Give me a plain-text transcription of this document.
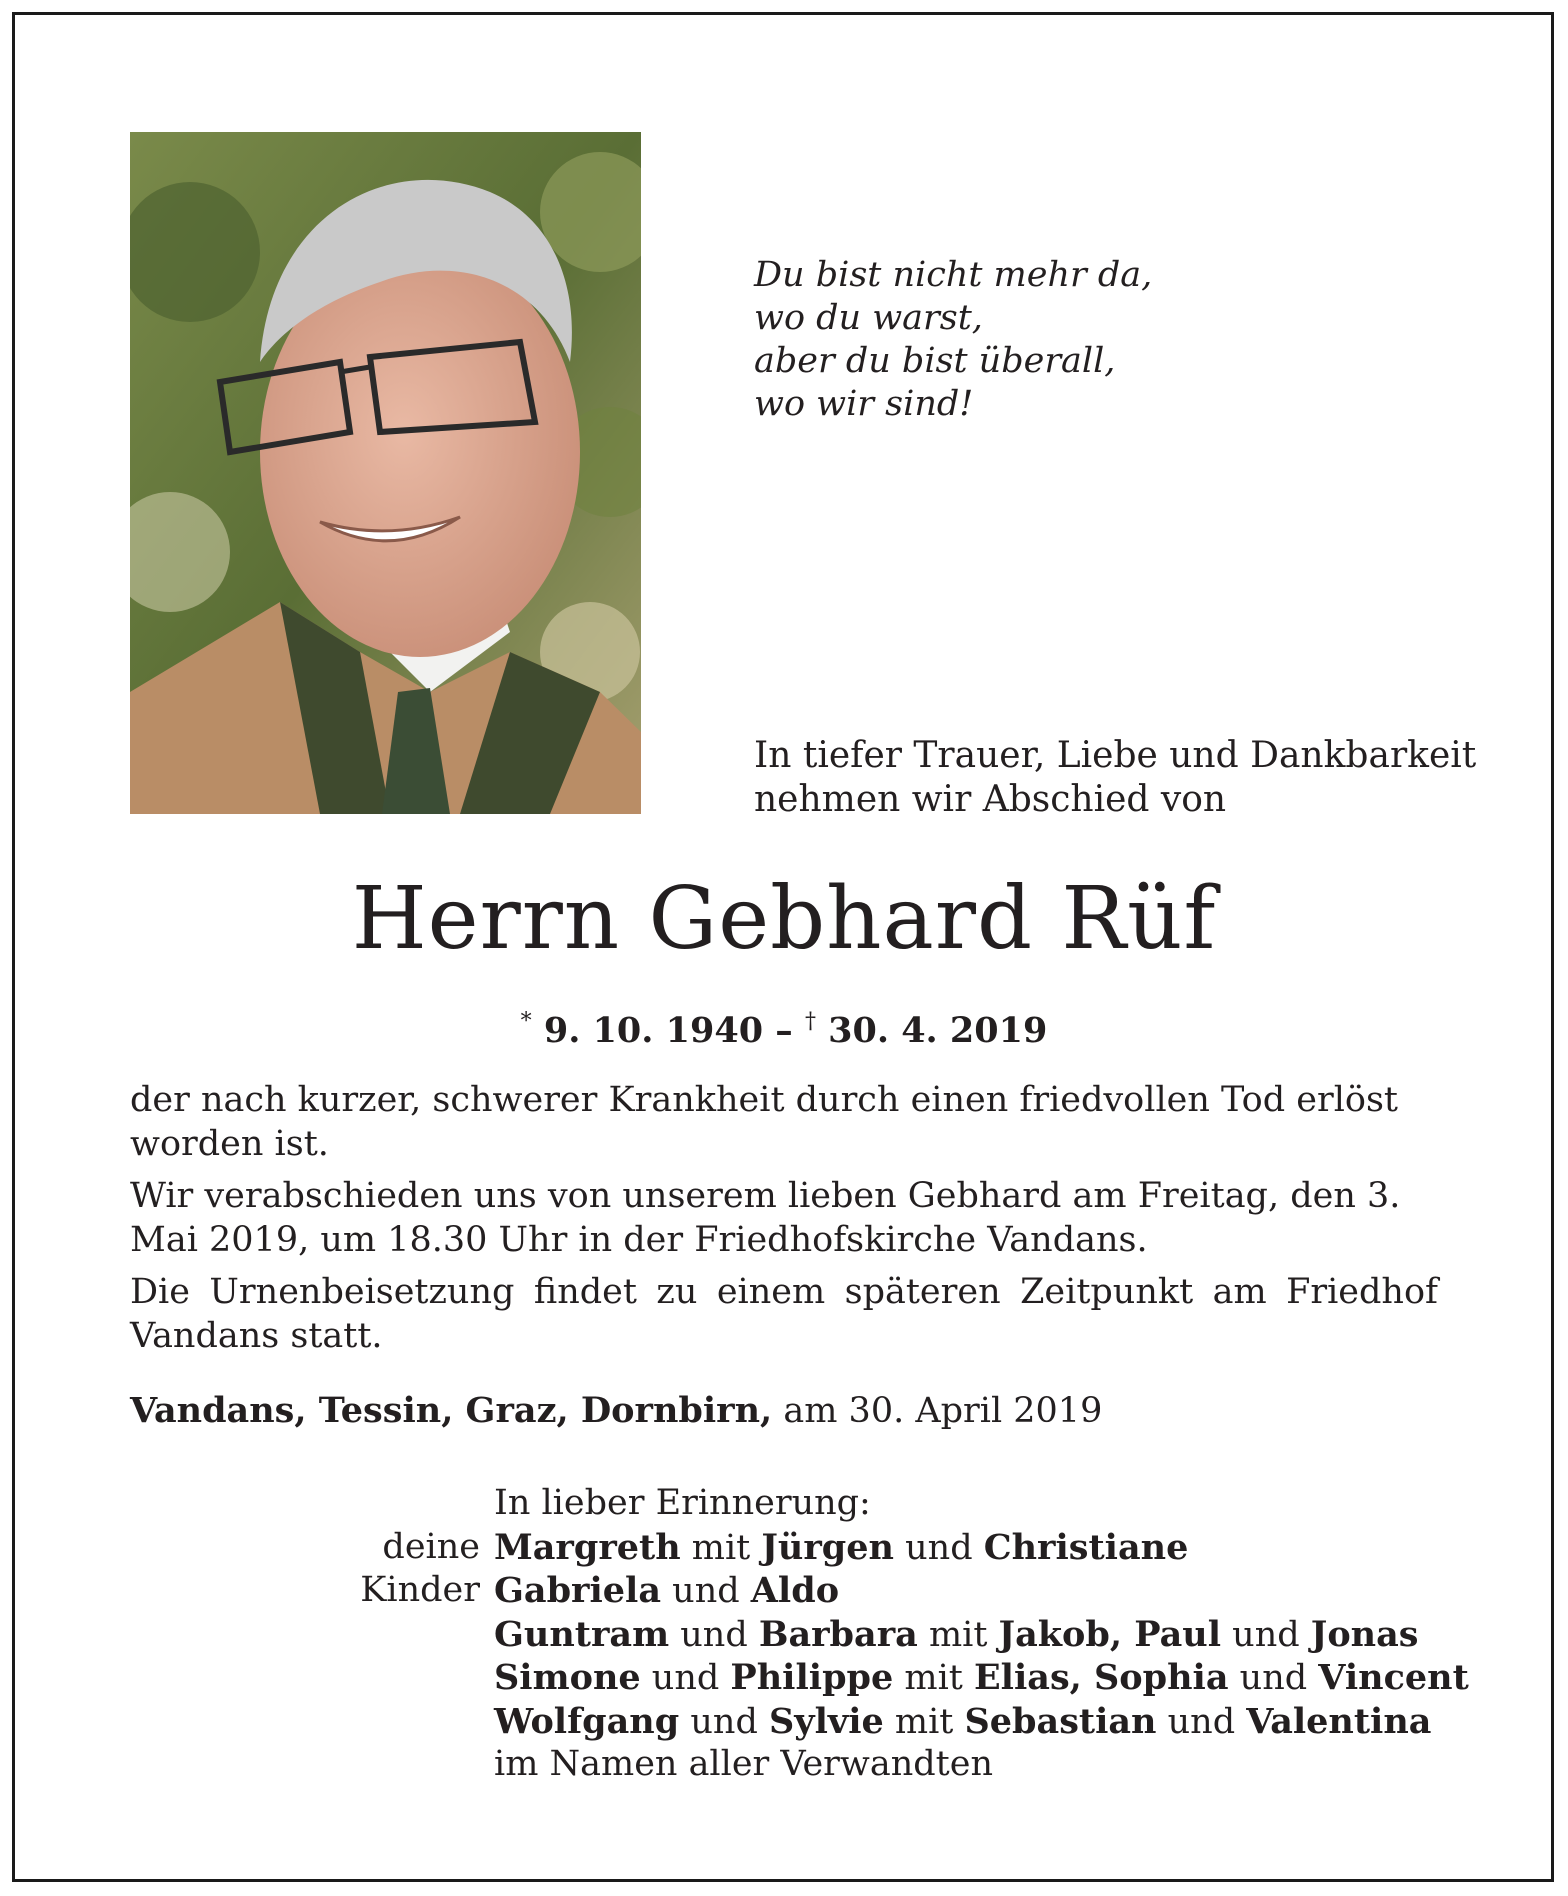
Du bist nicht mehr da,
wo du warst,
aber du bist überall,
wo wir sind!
In tiefer Trauer, Liebe und Dankbarkeit
nehmen wir Abschied von
Herrn Gebhard Rüf
* 9. 10. 1940 – † 30. 4. 2019

der nach kurzer, schwerer Krankheit durch einen friedvollen Tod erlöst worden ist.

Wir verabschieden uns von unserem lieben Gebhard am Freitag, den 3. Mai 2019, um 18.30 Uhr in der Friedhofskirche Vandans.

Die Urnenbeisetzung findet zu einem späteren Zeitpunkt am Friedhof Vandans statt.

Vandans, Tessin, Graz, Dornbirn, am 30. April 2019
In lieber Erinnerung:
deine Margreth mit Jürgen und Christiane
Kinder Gabriela und Aldo
Guntram und Barbara mit Jakob, Paul und Jonas
Simone und Philippe mit Elias, Sophia und Vincent
Wolfgang und Sylvie mit Sebastian und Valentina
im Namen aller Verwandten
